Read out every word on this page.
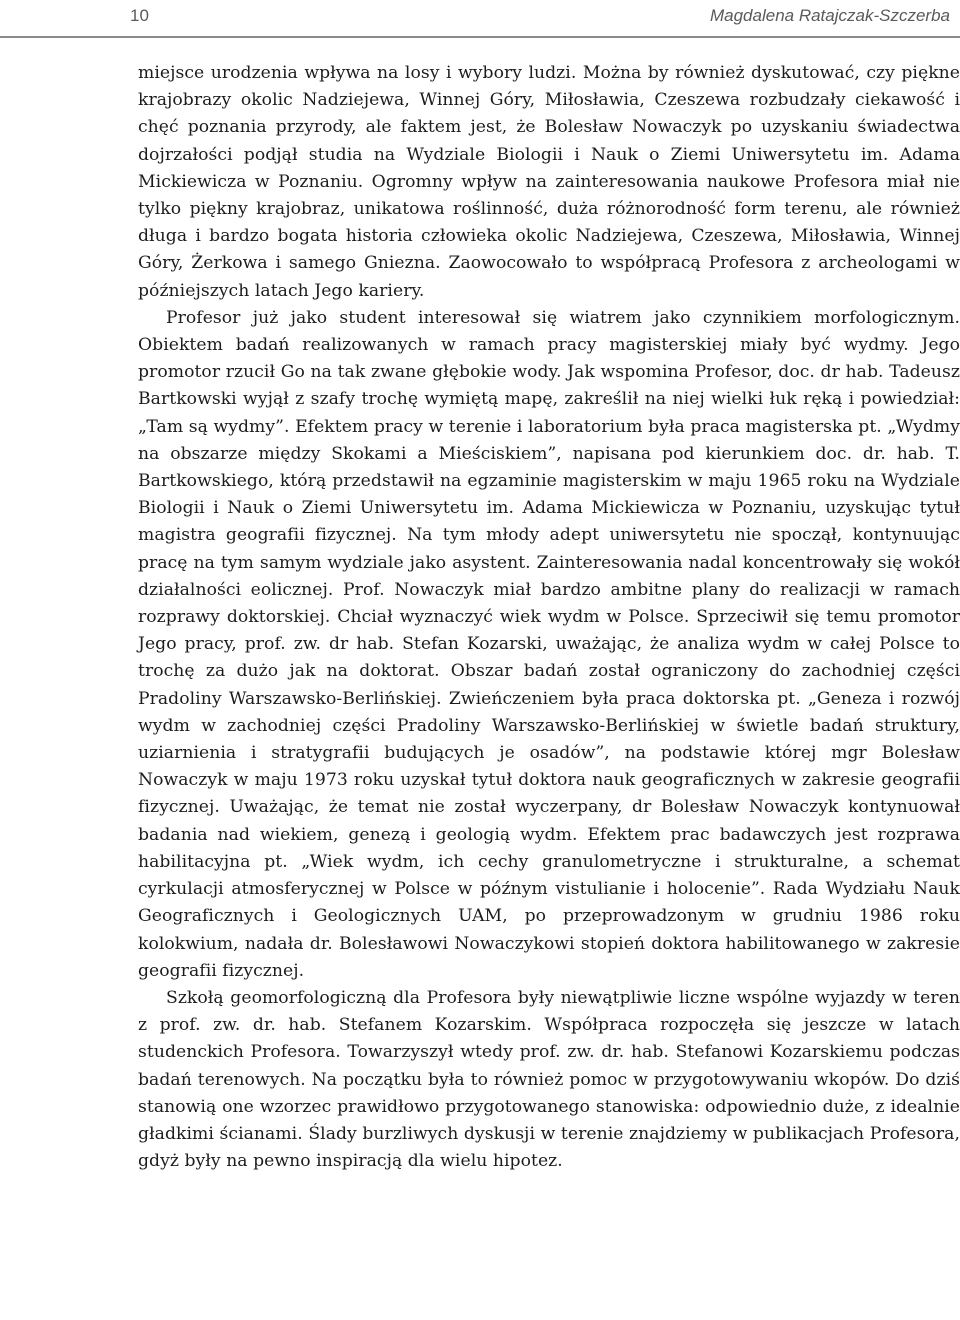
10	Magdalena Ratajczak-Szczerba

miejsce urodzenia wpływa na losy i wybory ludzi. Można by również dyskutować, czy piękne krajobrazy okolic Nadziejewa, Winnej Góry, Miłosławia, Czeszewa rozbudzały ciekawość i chęć poznania przyrody, ale faktem jest, że Bolesław Nowaczyk po uzyskaniu świadectwa dojrzałości podjął studia na Wydziale Biologii i Nauk o Ziemi Uniwersytetu im. Adama Mickiewicza w Poznaniu. Ogromny wpływ na zainteresowania naukowe Profesora miał nie tylko piękny krajobraz, unikatowa roślinność, duża różnorodność form terenu, ale również długa i bardzo bogata historia człowieka okolic Nadziejewa, Czeszewa, Miłosławia, Winnej Góry, Żerkowa i samego Gniezna. Zaowocowało to współpracą Profesora z archeologami w późniejszych latach Jego kariery.

Profesor już jako student interesował się wiatrem jako czynnikiem morfologicznym. Obiektem badań realizowanych w ramach pracy magisterskiej miały być wydmy. Jego promotor rzucił Go na tak zwane głębokie wody. Jak wspomina Profesor, doc. dr hab. Tadeusz Bartkowski wyjął z szafy trochę wymiętą mapę, zakreślił na niej wielki łuk ręką i powiedział: „Tam są wydmy”. Efektem pracy w terenie i laboratorium była praca magisterska pt. „Wydmy na obszarze między Skokami a Mieściskiem”, napisana pod kierunkiem doc. dr. hab. T. Bartkowskiego, którą przedstawił na egzaminie magisterskim w maju 1965 roku na Wydziale Biologii i Nauk o Ziemi Uniwersytetu im. Adama Mickiewicza w Poznaniu, uzyskując tytuł magistra geografii fizycznej. Na tym młody adept uniwersytetu nie spoczął, kontynuując pracę na tym samym wydziale jako asystent. Zainteresowania nadal koncentrowały się wokół działalności eolicznej. Prof. Nowaczyk miał bardzo ambitne plany do realizacji w ramach rozprawy doktorskiej. Chciał wyznaczyć wiek wydm w Polsce. Sprzeciwił się temu promotor Jego pracy, prof. zw. dr hab. Stefan Kozarski, uważając, że analiza wydm w całej Polsce to trochę za dużo jak na doktorat. Obszar badań został ograniczony do zachodniej części Pradoliny Warszawsko-Berlińskiej. Zwieńczeniem była praca doktorska pt. „Geneza i rozwój wydm w zachodniej części Pradoliny Warszawsko-Berlińskiej w świetle badań struktury, uziarnienia i stratygrafii budujących je osadów”, na podstawie której mgr Bolesław Nowaczyk w maju 1973 roku uzyskał tytuł doktora nauk geograficznych w zakresie geografii fizycznej. Uważając, że temat nie został wyczerpany, dr Bolesław Nowaczyk kontynuował badania nad wiekiem, genezą i geologią wydm. Efektem prac badawczych jest rozprawa habilitacyjna pt. „Wiek wydm, ich cechy granulometryczne i strukturalne, a schemat cyrkulacji atmosferycznej w Polsce w późnym vistulianie i holocenie”. Rada Wydziału Nauk Geograficznych i Geologicznych UAM, po przeprowadzonym w grudniu 1986 roku kolokwium, nadała dr. Bolesławowi Nowaczykowi stopień doktora habilitowanego w zakresie geografii fizycznej.

Szkołą geomorfologiczną dla Profesora były niewątpliwie liczne wspólne wyjazdy w teren z prof. zw. dr. hab. Stefanem Kozarskim. Współpraca rozpoczęła się jeszcze w latach studenckich Profesora. Towarzyszył wtedy prof. zw. dr. hab. Stefanowi Kozarskiemu podczas badań terenowych. Na początku była to również pomoc w przygotowywaniu wkopów. Do dziś stanowią one wzorzec prawidłowo przygotowanego stanowiska: odpowiednio duże, z idealnie gładkimi ścianami. Ślady burzliwych dyskusji w terenie znajdziemy w publikacjach Profesora, gdyż były na pewno inspiracją dla wielu hipotez.
